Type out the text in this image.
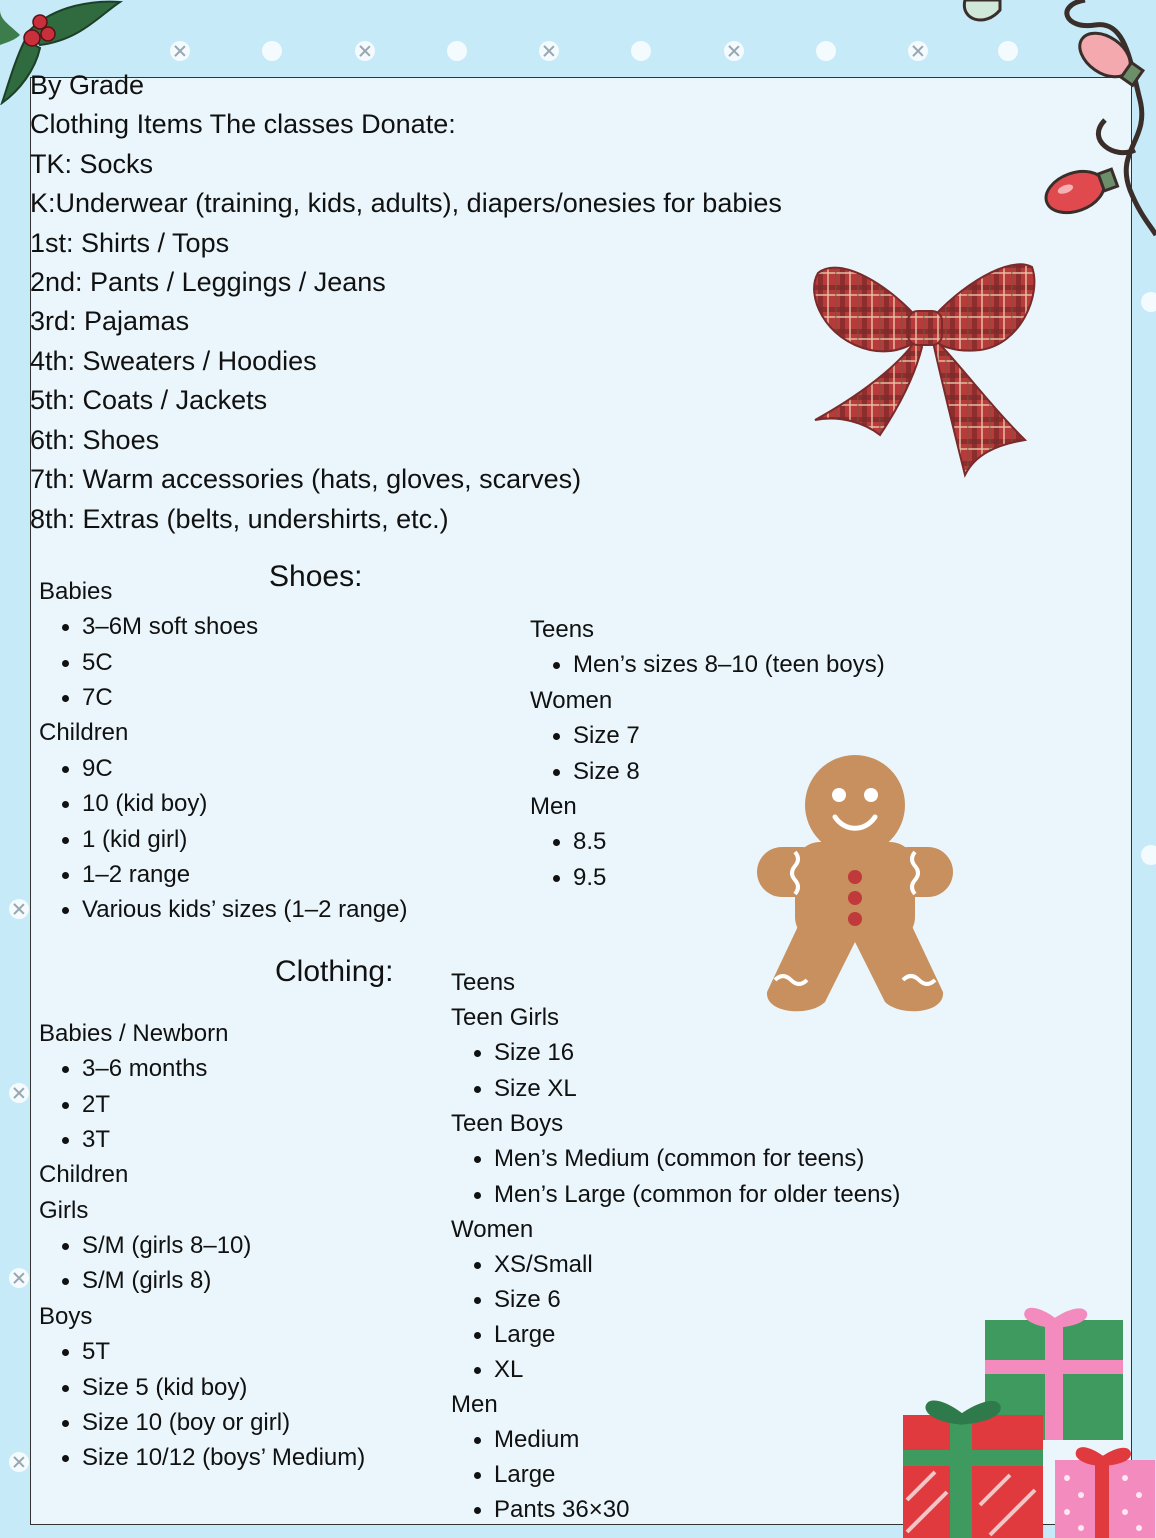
By Grade
Clothing Items The classes Donate:
TK: Socks
K:Underwear (training, kids, adults), diapers/onesies for babies
1st: Shirts / Tops
2nd: Pants / Leggings / Jeans
3rd: Pajamas
4th: Sweaters / Hoodies
5th: Coats / Jackets
6th: Shoes
7th: Warm accessories (hats, gloves, scarves)
8th: Extras (belts, undershirts, etc.)
Shoes:
Babies
3–6M soft shoes
5C
7C
Children
9C
10 (kid boy)
1 (kid girl)
1–2 range
Various kids’ sizes (1–2 range)
Teens
Men’s sizes 8–10 (teen boys)
Women
Size 7
Size 8
Men
8.5
9.5
Clothing:
Babies / Newborn
3–6 months
2T
3T
Children
Girls
S/M (girls 8–10)
S/M (girls 8)
Boys
5T
Size 5 (kid boy)
Size 10 (boy or girl)
Size 10/12 (boys’ Medium)
Teens
Teen Girls
Size 16
Size XL
Teen Boys
Men’s Medium (common for teens)
Men’s Large (common for older teens)
Women
XS/Small
Size 6
Large
XL
Men
Medium
Large
Pants 36×30
